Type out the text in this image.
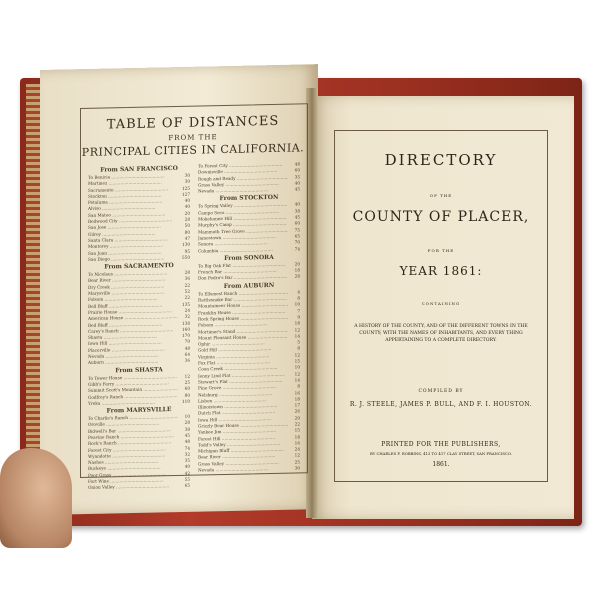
TABLE OF DISTANCES
FROM THE
PRINCIPAL CITIES IN CALIFORNIA.
From SAN FRANCISCO
To Benicia .....	30
Martinez .....	30
Sacramento .....	125
Stockton .....	127
Petaluma .....	40
Alviso .....	40
San Mateo .....	20
Redwood City .....	28
San Jose .....	50
Gilroy .....	80
Santa Clara .....	47
Monterey .....	130
San Juan .....	95
San Diego .....	550
From SACRAMENTO
To Nicolaus .....	28
Bear River .....	36
Dry Creek .....	22
Marysville .....	52
Folsom .....	22
Bell Bluff .....	135
Prairie House .....	24
American House .....	32
Red Bluff .....	138
Carey's Ranch .....	160
Shasta .....	170
Iowa Hill .....	70
Placerville .....	48
Nevada .....	64
Auburn .....	36
From SHASTA
To Tower House .....	12
Gibb's Ferry .....	25
Summit Scott's Mountain .....	60
Godfrey's Ranch .....	80
Yreka .....	110
From MARYSVILLE
To Charlie's Ranch .....	10
Oroville .....	28
Bidwell's Bar .....	38
Peavine Ranch .....	45
Rock's Ranch .....	48
Forest City .....	74
Wyandotte .....	32
Nashes .....	35
Buckeye .....	40
Poor Grass .....	42
Fort Wine .....	55
Onion Valley .....	65
To Forest City .....	48
Downieville .....	60
Rough and Ready .....	35
Grass Valley .....	40
Nevada .....	45
From STOCKTON
To Spring Valley .....	40
Campo Seco .....	38
Mokelumne Hill .....	45
Murphy's Camp .....	60
Mammoth Tree Grove .....	75
Jamestown .....	65
Sonora .....	70
Columbia .....	74
From SONORA
To Big Oak Flat .....	20
French Bar .....	18
Don Pedro's Bar .....	28
From AUBURN
To Ellsmost Ranch .....	4
Rattlesnake Bar .....	8
Mountaineer House .....	10
Franklin House .....	7
Rock Spring House .....	9
Folsom .....	18
Mortimer's Stand .....	12
Mount Pleasant House .....	14
Ophir .....	5
Gold Hill .....	8
Virginia .....	12
Fox Flat .....	15
Coon Creek .....	10
Jenny Lind Flat .....	12
Stewart's Flat .....	14
Pine Grove .....	8
Nelsburg .....	16
Lisbon .....	18
Illinoistown .....	17
Dutch Flat .....	26
Iowa Hill .....	20
Grizzly Bear House .....	22
Yankee Jim .....	15
Forest Hill .....	18
Todd's Valley .....	16
Michigan Bluff .....	24
Bear River .....	12
Grass Valley .....	25
Nevada .....	30
DIRECTORY
OF THE
COUNTY OF PLACER,
FOR THE
YEAR 1861:
CONTAINING
A HISTORY OF THE COUNTY, AND OF THE DIFFERENT TOWNS IN THE COUNTY; WITH THE NAMES OF INHABITANTS, AND EVERY THING APPERTAINING TO A COMPLETE DIRECTORY.
COMPILED BY
R. J. STEELE, JAMES P. BULL, AND F. I. HOUSTON.
PRINTED FOR THE PUBLISHERS,
BY CHARLES F. ROBBINS, 413 TO 417 CLAY STREET, SAN FRANCISCO.
1861.
